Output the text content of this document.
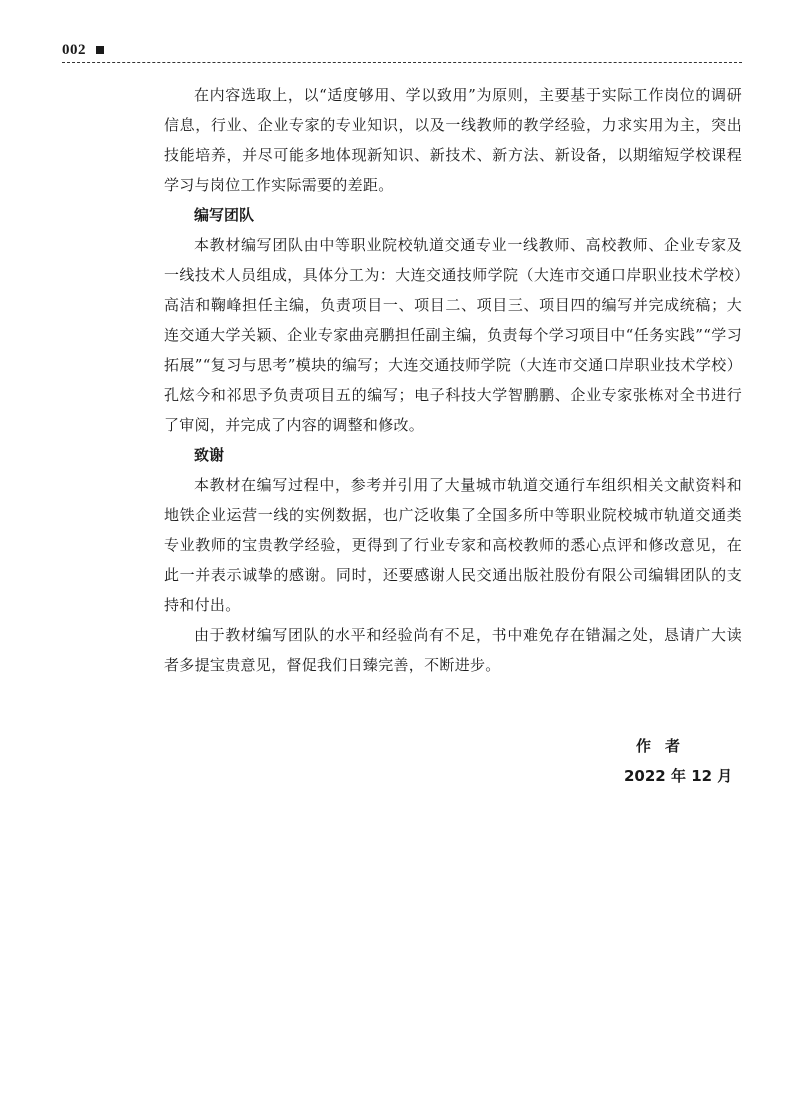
002

在内容选取上，以“适度够用、学以致用”为原则，主要基于实际工作岗位的调研信息，行业、企业专家的专业知识，以及一线教师的教学经验，力求实用为主，突出技能培养，并尽可能多地体现新知识、新技术、新方法、新设备，以期缩短学校课程学习与岗位工作实际需要的差距。

编写团队

本教材编写团队由中等职业院校轨道交通专业一线教师、高校教师、企业专家及一线技术人员组成，具体分工为：大连交通技师学院（大连市交通口岸职业技术学校）高洁和鞠峰担任主编，负责项目一、项目二、项目三、项目四的编写并完成统稿；大连交通大学关颖、企业专家曲亮鹏担任副主编，负责每个学习项目中“任务实践”“学习拓展”“复习与思考”模块的编写；大连交通技师学院（大连市交通口岸职业技术学校）孔炫今和祁思予负责项目五的编写；电子科技大学智鹏鹏、企业专家张栋对全书进行了审阅，并完成了内容的调整和修改。

致谢

本教材在编写过程中，参考并引用了大量城市轨道交通行车组织相关文献资料和地铁企业运营一线的实例数据，也广泛收集了全国多所中等职业院校城市轨道交通类专业教师的宝贵教学经验，更得到了行业专家和高校教师的悉心点评和修改意见，在此一并表示诚挚的感谢。同时，还要感谢人民交通出版社股份有限公司编辑团队的支持和付出。

由于教材编写团队的水平和经验尚有不足，书中难免存在错漏之处，恳请广大读者多提宝贵意见，督促我们日臻完善，不断进步。

作者
2022 年 12 月
